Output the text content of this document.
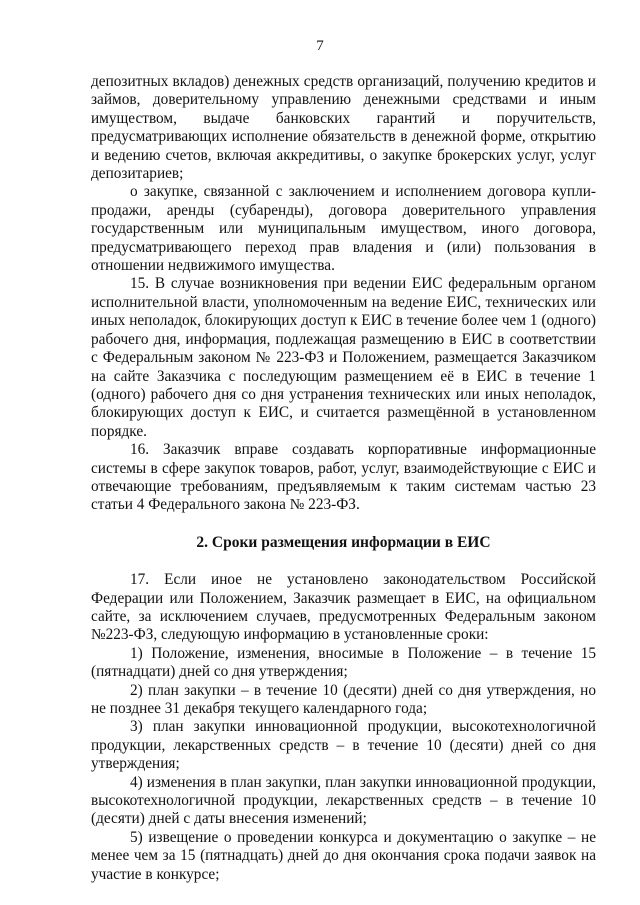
7

депозитных вкладов) денежных средств организаций, получению кредитов и займов, доверительному управлению денежными средствами и иным имуществом, выдаче банковских гарантий и поручительств, предусматривающих исполнение обязательств в денежной форме, открытию и ведению счетов, включая аккредитивы, о закупке брокерских услуг, услуг депозитариев;

о закупке, связанной с заключением и исполнением договора купли-продажи, аренды (субаренды), договора доверительного управления государственным или муниципальным имуществом, иного договора, предусматривающего переход прав владения и (или) пользования в отношении недвижимого имущества.

15. В случае возникновения при ведении ЕИС федеральным органом исполнительной власти, уполномоченным на ведение ЕИС, технических или иных неполадок, блокирующих доступ к ЕИС в течение более чем 1 (одного) рабочего дня, информация, подлежащая размещению в ЕИС в соответствии с Федеральным законом № 223-ФЗ и Положением, размещается Заказчиком на сайте Заказчика с последующим размещением её в ЕИС в течение 1 (одного) рабочего дня со дня устранения технических или иных неполадок, блокирующих доступ к ЕИС, и считается размещённой в установленном порядке.

16. Заказчик вправе создавать корпоративные информационные системы в сфере закупок товаров, работ, услуг, взаимодействующие с ЕИС и отвечающие требованиям, предъявляемым к таким системам частью 23 статьи 4 Федерального закона № 223-ФЗ.

2. Сроки размещения информации в ЕИС

17. Если иное не установлено законодательством Российской Федерации или Положением, Заказчик размещает в ЕИС, на официальном сайте, за исключением случаев, предусмотренных Федеральным законом №223-ФЗ, следующую информацию в установленные сроки:

1) Положение, изменения, вносимые в Положение – в течение 15 (пятнадцати) дней со дня утверждения;

2) план закупки – в течение 10 (десяти) дней со дня утверждения, но не позднее 31 декабря текущего календарного года;

3) план закупки инновационной продукции, высокотехнологичной продукции, лекарственных средств – в течение 10 (десяти) дней со дня утверждения;

4) изменения в план закупки, план закупки инновационной продукции, высокотехнологичной продукции, лекарственных средств – в течение 10 (десяти) дней с даты внесения изменений;

5) извещение о проведении конкурса и документацию о закупке – не менее чем за 15 (пятнадцать) дней до дня окончания срока подачи заявок на участие в конкурсе;
